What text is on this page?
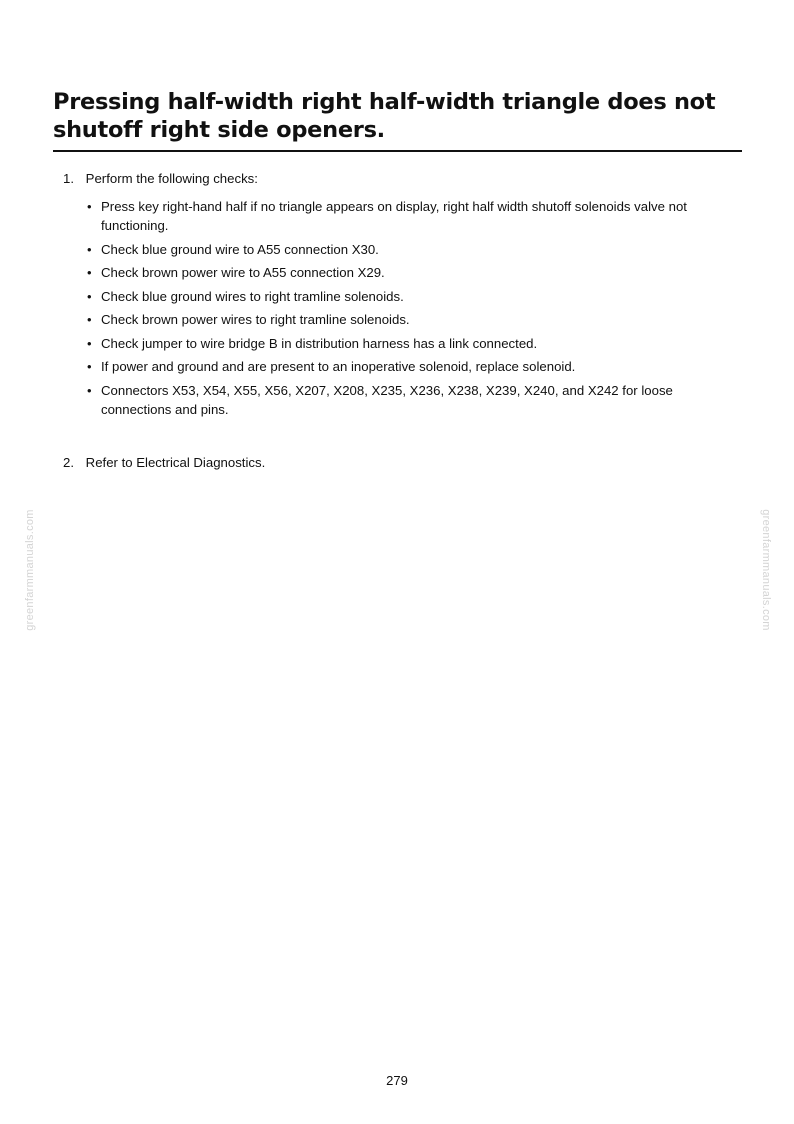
Pressing half-width right half-width triangle does not shutoff right side openers.
1. Perform the following checks:
• Press key right-hand half if no triangle appears on display, right half width shutoff solenoids valve not functioning.
• Check blue ground wire to A55 connection X30.
• Check brown power wire to A55 connection X29.
• Check blue ground wires to right tramline solenoids.
• Check brown power wires to right tramline solenoids.
• Check jumper to wire bridge B in distribution harness has a link connected.
• If power and ground and are present to an inoperative solenoid, replace solenoid.
• Connectors X53, X54, X55, X56, X207, X208, X235, X236, X238, X239, X240, and X242 for loose connections and pins.
2. Refer to Electrical Diagnostics.
greenfarmmanuals.com	greenfarmmanuals.com
279
